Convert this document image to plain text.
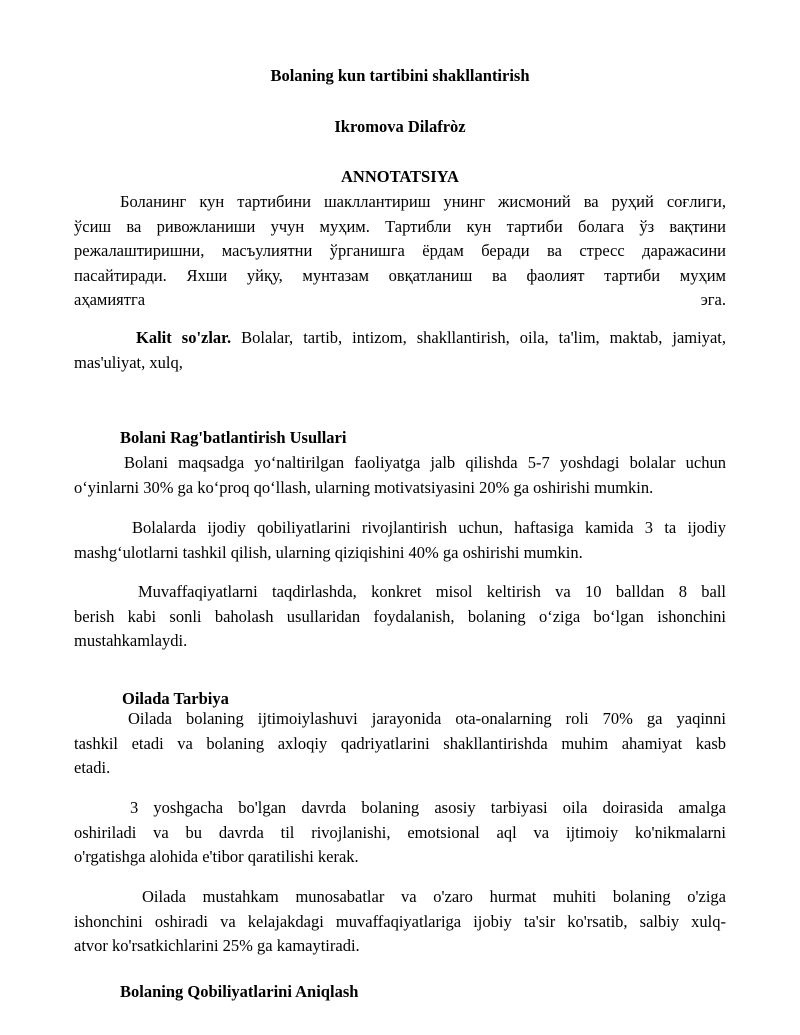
Bolaning kun tartibini shakllantirish
Ikromova Dilafròz
ANNOTATSIYA
Боланинг кун тартибини шакллантириш унинг жисмоний ва руҳий соғлиги,
ўсиш ва ривожланиши учун муҳим. Тартибли кун тартиби болага ўз вақтини
режалаштиришни, масъулиятни ўрганишга ёрдам беради ва стресс даражасини
пасайтиради. Яхши уйқу, мунтазам овқатланиш ва фаолият тартиби муҳим
аҳамиятга эга.
Kalit so'zlar. Bolalar, tartib, intizom, shakllantirish, oila, ta'lim, maktab, jamiyat,
mas'uliyat, xulq,
Bolani Rag'batlantirish Usullari
Bolani maqsadga yoʻnaltirilgan faoliyatga jalb qilishda 5-7 yoshdagi bolalar uchun
oʻyinlarni 30% ga koʻproq qoʻllash, ularning motivatsiyasini 20% ga oshirishi mumkin.
Bolalarda ijodiy qobiliyatlarini rivojlantirish uchun, haftasiga kamida 3 ta ijodiy
mashgʻulotlarni tashkil qilish, ularning qiziqishini 40% ga oshirishi mumkin.
Muvaffaqiyatlarni taqdirlashda, konkret misol keltirish va 10 balldan 8 ball
berish kabi sonli baholash usullaridan foydalanish, bolaning oʻziga boʻlgan ishonchini
mustahkamlaydi.
Oilada Tarbiya
Oilada bolaning ijtimoiylashuvi jarayonida ota-onalarning roli 70% ga yaqinni
tashkil etadi va bolaning axloqiy qadriyatlarini shakllantirishda muhim ahamiyat kasb
etadi.
3 yoshgacha bo'lgan davrda bolaning asosiy tarbiyasi oila doirasida amalga
oshiriladi va bu davrda til rivojlanishi, emotsional aql va ijtimoiy ko'nikmalarni
o'rgatishga alohida e'tibor qaratilishi kerak.
Oilada mustahkam munosabatlar va o'zaro hurmat muhiti bolaning o'ziga
ishonchini oshiradi va kelajakdagi muvaffaqiyatlariga ijobiy ta'sir ko'rsatib, salbiy xulq-
atvor ko'rsatkichlarini 25% ga kamaytiradi.
Bolaning Qobiliyatlarini Aniqlash
